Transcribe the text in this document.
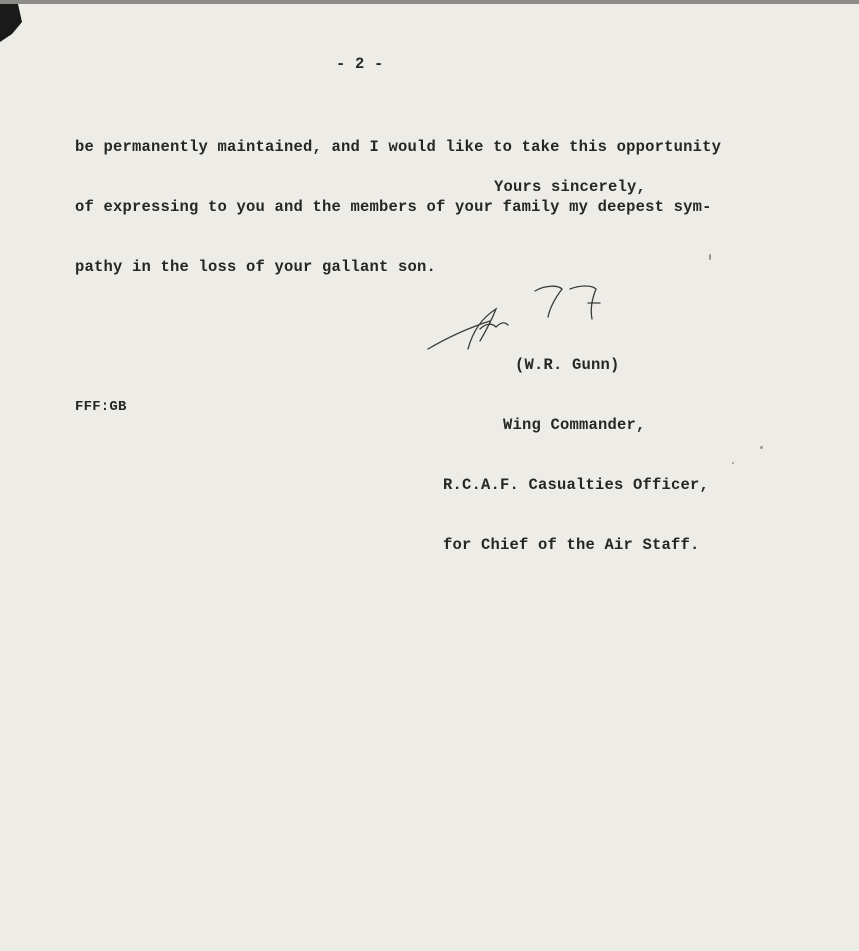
- 2 -

be permanently maintained, and I would like to take this opportunity

of expressing to you and the members of your family my deepest sym-

pathy in the loss of your gallant son.

Yours sincerely,

(W.R. Gunn)

Wing Commander,

R.C.A.F. Casualties Officer,

for Chief of the Air Staff.

FFF:GB
